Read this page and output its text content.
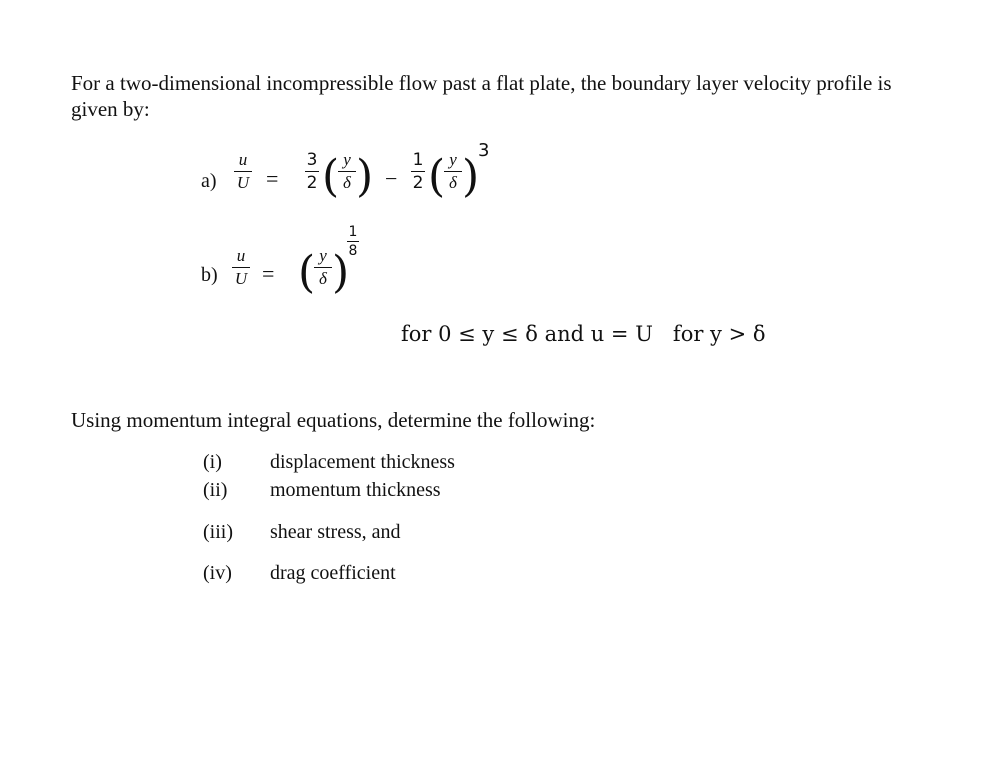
For a two-dimensional incompressible flow past a flat plate, the boundary layer velocity profile is
given by:
a)
u
U =
3
2 ( y
δ ) −
1
2 ( y
δ )
3
b)
u
U = ( y
δ )
1
8
for 0 ≤ y ≤ δ and u = U   for y > δ
Using momentum integral equations, determine the following:
(i) displacement thickness
(ii) momentum thickness
(iii) shear stress, and
(iv) drag coefficient
